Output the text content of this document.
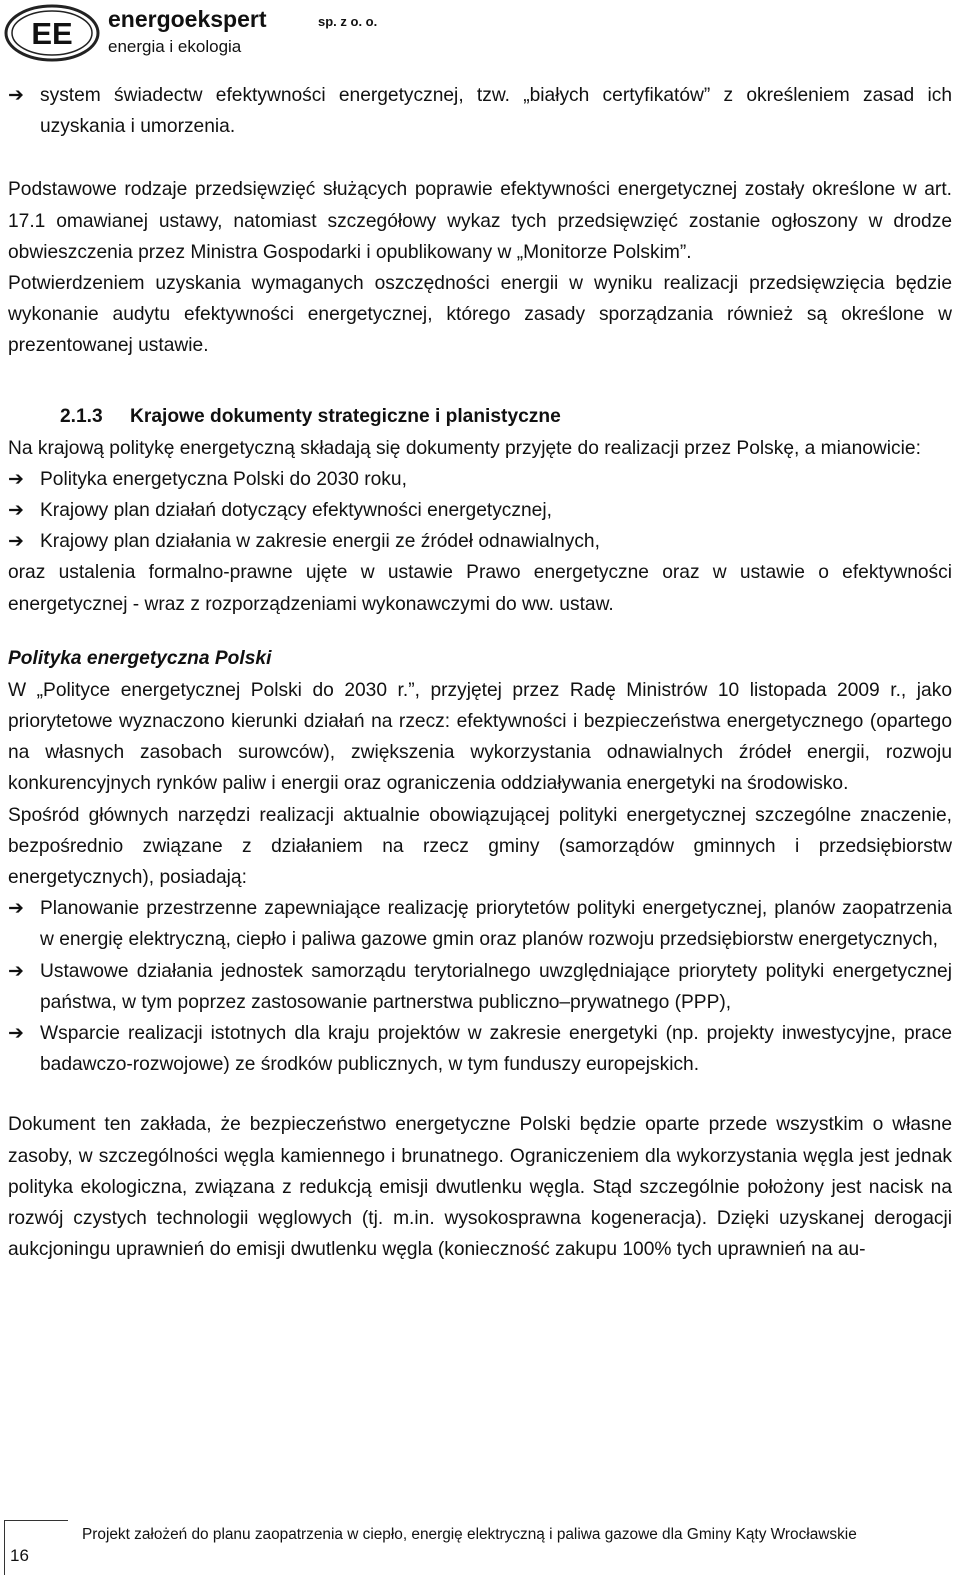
EE energoekspert	sp. z o. o.
energia i ekologia
➔ system świadectw efektywności energetycznej, tzw. „białych certyfikatów” z określeniem zasad ich uzyskania i umorzenia.

Podstawowe rodzaje przedsięwzięć służących poprawie efektywności energetycznej zostały określone w art. 17.1 omawianej ustawy, natomiast szczegółowy wykaz tych przedsięwzięć zostanie ogłoszony w drodze obwieszczenia przez Ministra Gospodarki i opublikowany w „Monitorze Polskim”.

Potwierdzeniem uzyskania wymaganych oszczędności energii w wyniku realizacji przedsięwzięcia będzie wykonanie audytu efektywności energetycznej, którego zasady sporządzania również są określone w prezentowanej ustawie.

2.1.3 Krajowe dokumenty strategiczne i planistyczne

Na krajową politykę energetyczną składają się dokumenty przyjęte do realizacji przez Polskę, a mianowicie:

➔ Polityka energetyczna Polski do 2030 roku,
➔ Krajowy plan działań dotyczący efektywności energetycznej,
➔ Krajowy plan działania w zakresie energii ze źródeł odnawialnych,

oraz ustalenia formalno-prawne ujęte w ustawie Prawo energetyczne oraz w ustawie o efektywności energetycznej - wraz z rozporządzeniami wykonawczymi do ww. ustaw.

Polityka energetyczna Polski

W „Polityce energetycznej Polski do 2030 r.”, przyjętej przez Radę Ministrów 10 listopada 2009 r., jako priorytetowe wyznaczono kierunki działań na rzecz: efektywności i bezpieczeństwa energetycznego (opartego na własnych zasobach surowców), zwiększenia wykorzystania odnawialnych źródeł energii, rozwoju konkurencyjnych rynków paliw i energii oraz ograniczenia oddziaływania energetyki na środowisko.

Spośród głównych narzędzi realizacji aktualnie obowiązującej polityki energetycznej szczególne znaczenie, bezpośrednio związane z działaniem na rzecz gminy (samorządów gminnych i przedsiębiorstw energetycznych), posiadają:

➔ Planowanie przestrzenne zapewniające realizację priorytetów polityki energetycznej, planów zaopatrzenia w energię elektryczną, ciepło i paliwa gazowe gmin oraz planów rozwoju przedsiębiorstw energetycznych,
➔ Ustawowe działania jednostek samorządu terytorialnego uwzględniające priorytety polityki energetycznej państwa, w tym poprzez zastosowanie partnerstwa publiczno–prywatnego (PPP),
➔ Wsparcie realizacji istotnych dla kraju projektów w zakresie energetyki (np. projekty inwestycyjne, prace badawczo-rozwojowe) ze środków publicznych, w tym funduszy europejskich.

Dokument ten zakłada, że bezpieczeństwo energetyczne Polski będzie oparte przede wszystkim o własne zasoby, w szczególności węgla kamiennego i brunatnego. Ograniczeniem dla wykorzystania węgla jest jednak polityka ekologiczna, związana z redukcją emisji dwutlenku węgla. Stąd szczególnie położony jest nacisk na rozwój czystych technologii węglowych (tj. m.in. wysokosprawna kogeneracja). Dzięki uzyskanej derogacji aukcjoningu uprawnień do emisji dwutlenku węgla (konieczność zakupu 100% tych uprawnień na au-

16
Projekt założeń do planu zaopatrzenia w ciepło, energię elektryczną i paliwa gazowe dla Gminy Kąty Wrocławskie
